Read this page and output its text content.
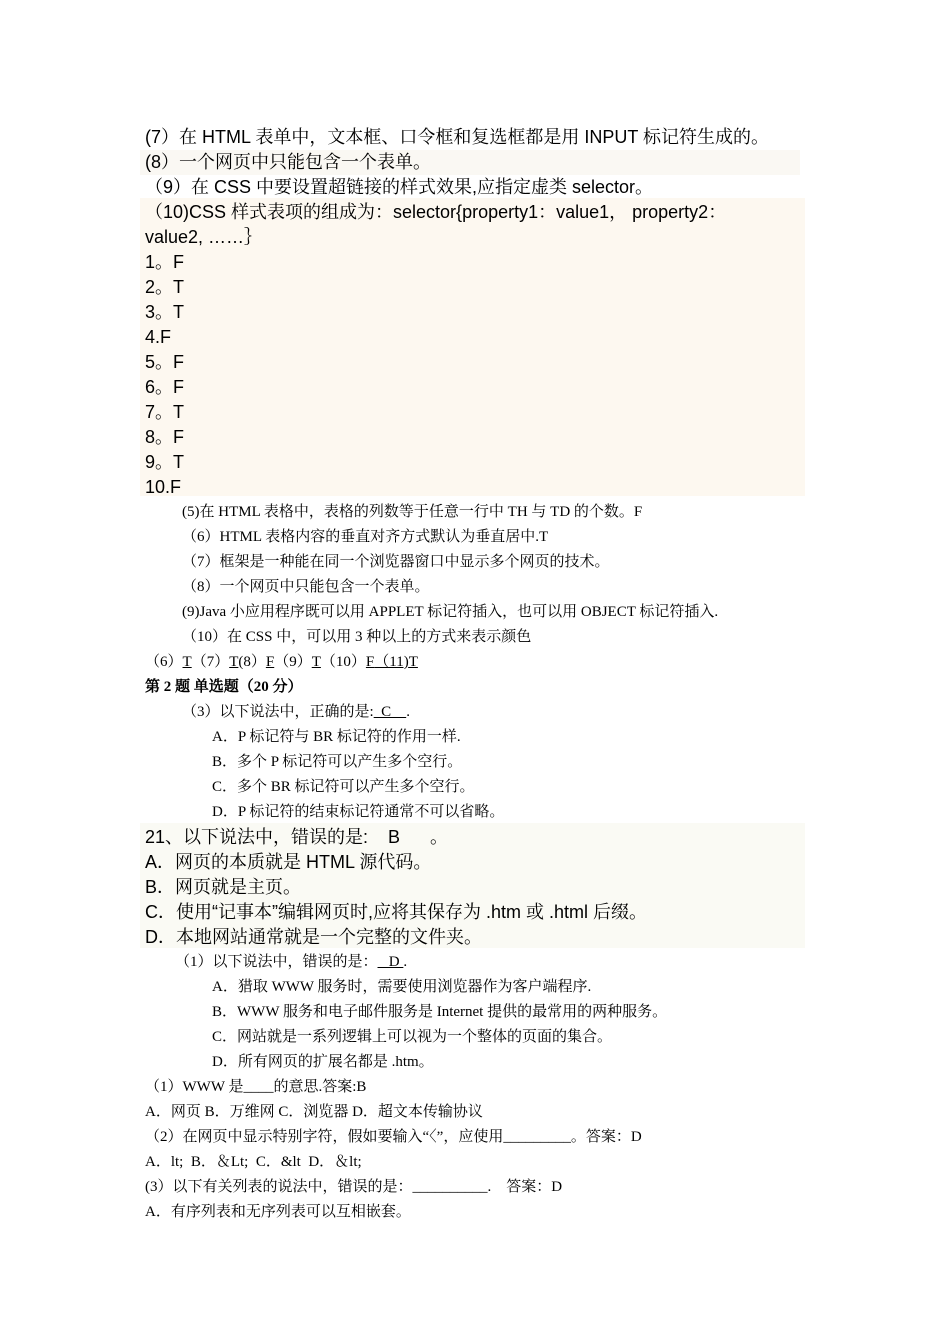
(7）在 HTML 表单中，文本框、口令框和复选框都是用 INPUT 标记符生成的。
(8）一个网页中只能包含一个表单。
（9）在 CSS 中要设置超链接的样式效果,应指定虚类 selector。
（10)CSS 样式表项的组成为：selector{property1：value1， property2：
value2, ……｝
1。F
2。T
3。T
4.F
5。F
6。F
7。T
8。F
9。T
10.F
(5)在 HTML 表格中，表格的列数等于任意一行中 TH 与 TD 的个数。F
（6）HTML 表格内容的垂直对齐方式默认为垂直居中.T
（7）框架是一种能在同一个浏览器窗口中显示多个网页的技术。
（8）一个网页中只能包含一个表单。
(9)Java 小应用程序既可以用 APPLET 标记符插入，也可以用 OBJECT 标记符插入.
（10）在 CSS 中，可以用 3 种以上的方式来表示颜色
（6）T（7）T(8）F（9）T（10）F（11)T
第 2 题 单选题（20 分）
（3）以下说法中，正确的是:  C    .
A．P 标记符与 BR 标记符的作用一样.
B．多个 P 标记符可以产生多个空行。
C．多个 BR 标记符可以产生多个空行。
D．P 标记符的结束标记符通常不可以省略。
21、以下说法中，错误的是:    B      。
A．网页的本质就是 HTML 源代码。
B．网页就是主页。
C．使用“记事本”编辑网页时,应将其保存为 .htm 或 .html 后缀。
D．本地网站通常就是一个完整的文件夹。
（1）以下说法中，错误的是：   D .
A．猎取 WWW 服务时，需要使用浏览器作为客户端程序.
B．WWW 服务和电子邮件服务是 Internet 提供的最常用的两种服务。
C．网站就是一系列逻辑上可以视为一个整体的页面的集合。
D．所有网页的扩展名都是 .htm。
（1）WWW 是____的意思.答案:B
A．网页 B．万维网 C．浏览器 D．超文本传输协议
（2）在网页中显示特别字符，假如要输入“〈”，应使用_________。答案：D
A．lt;  B．＆Lt;  C．&lt  D．＆lt;
(3）以下有关列表的说法中，错误的是：__________.    答案：D
A．有序列表和无序列表可以互相嵌套。
